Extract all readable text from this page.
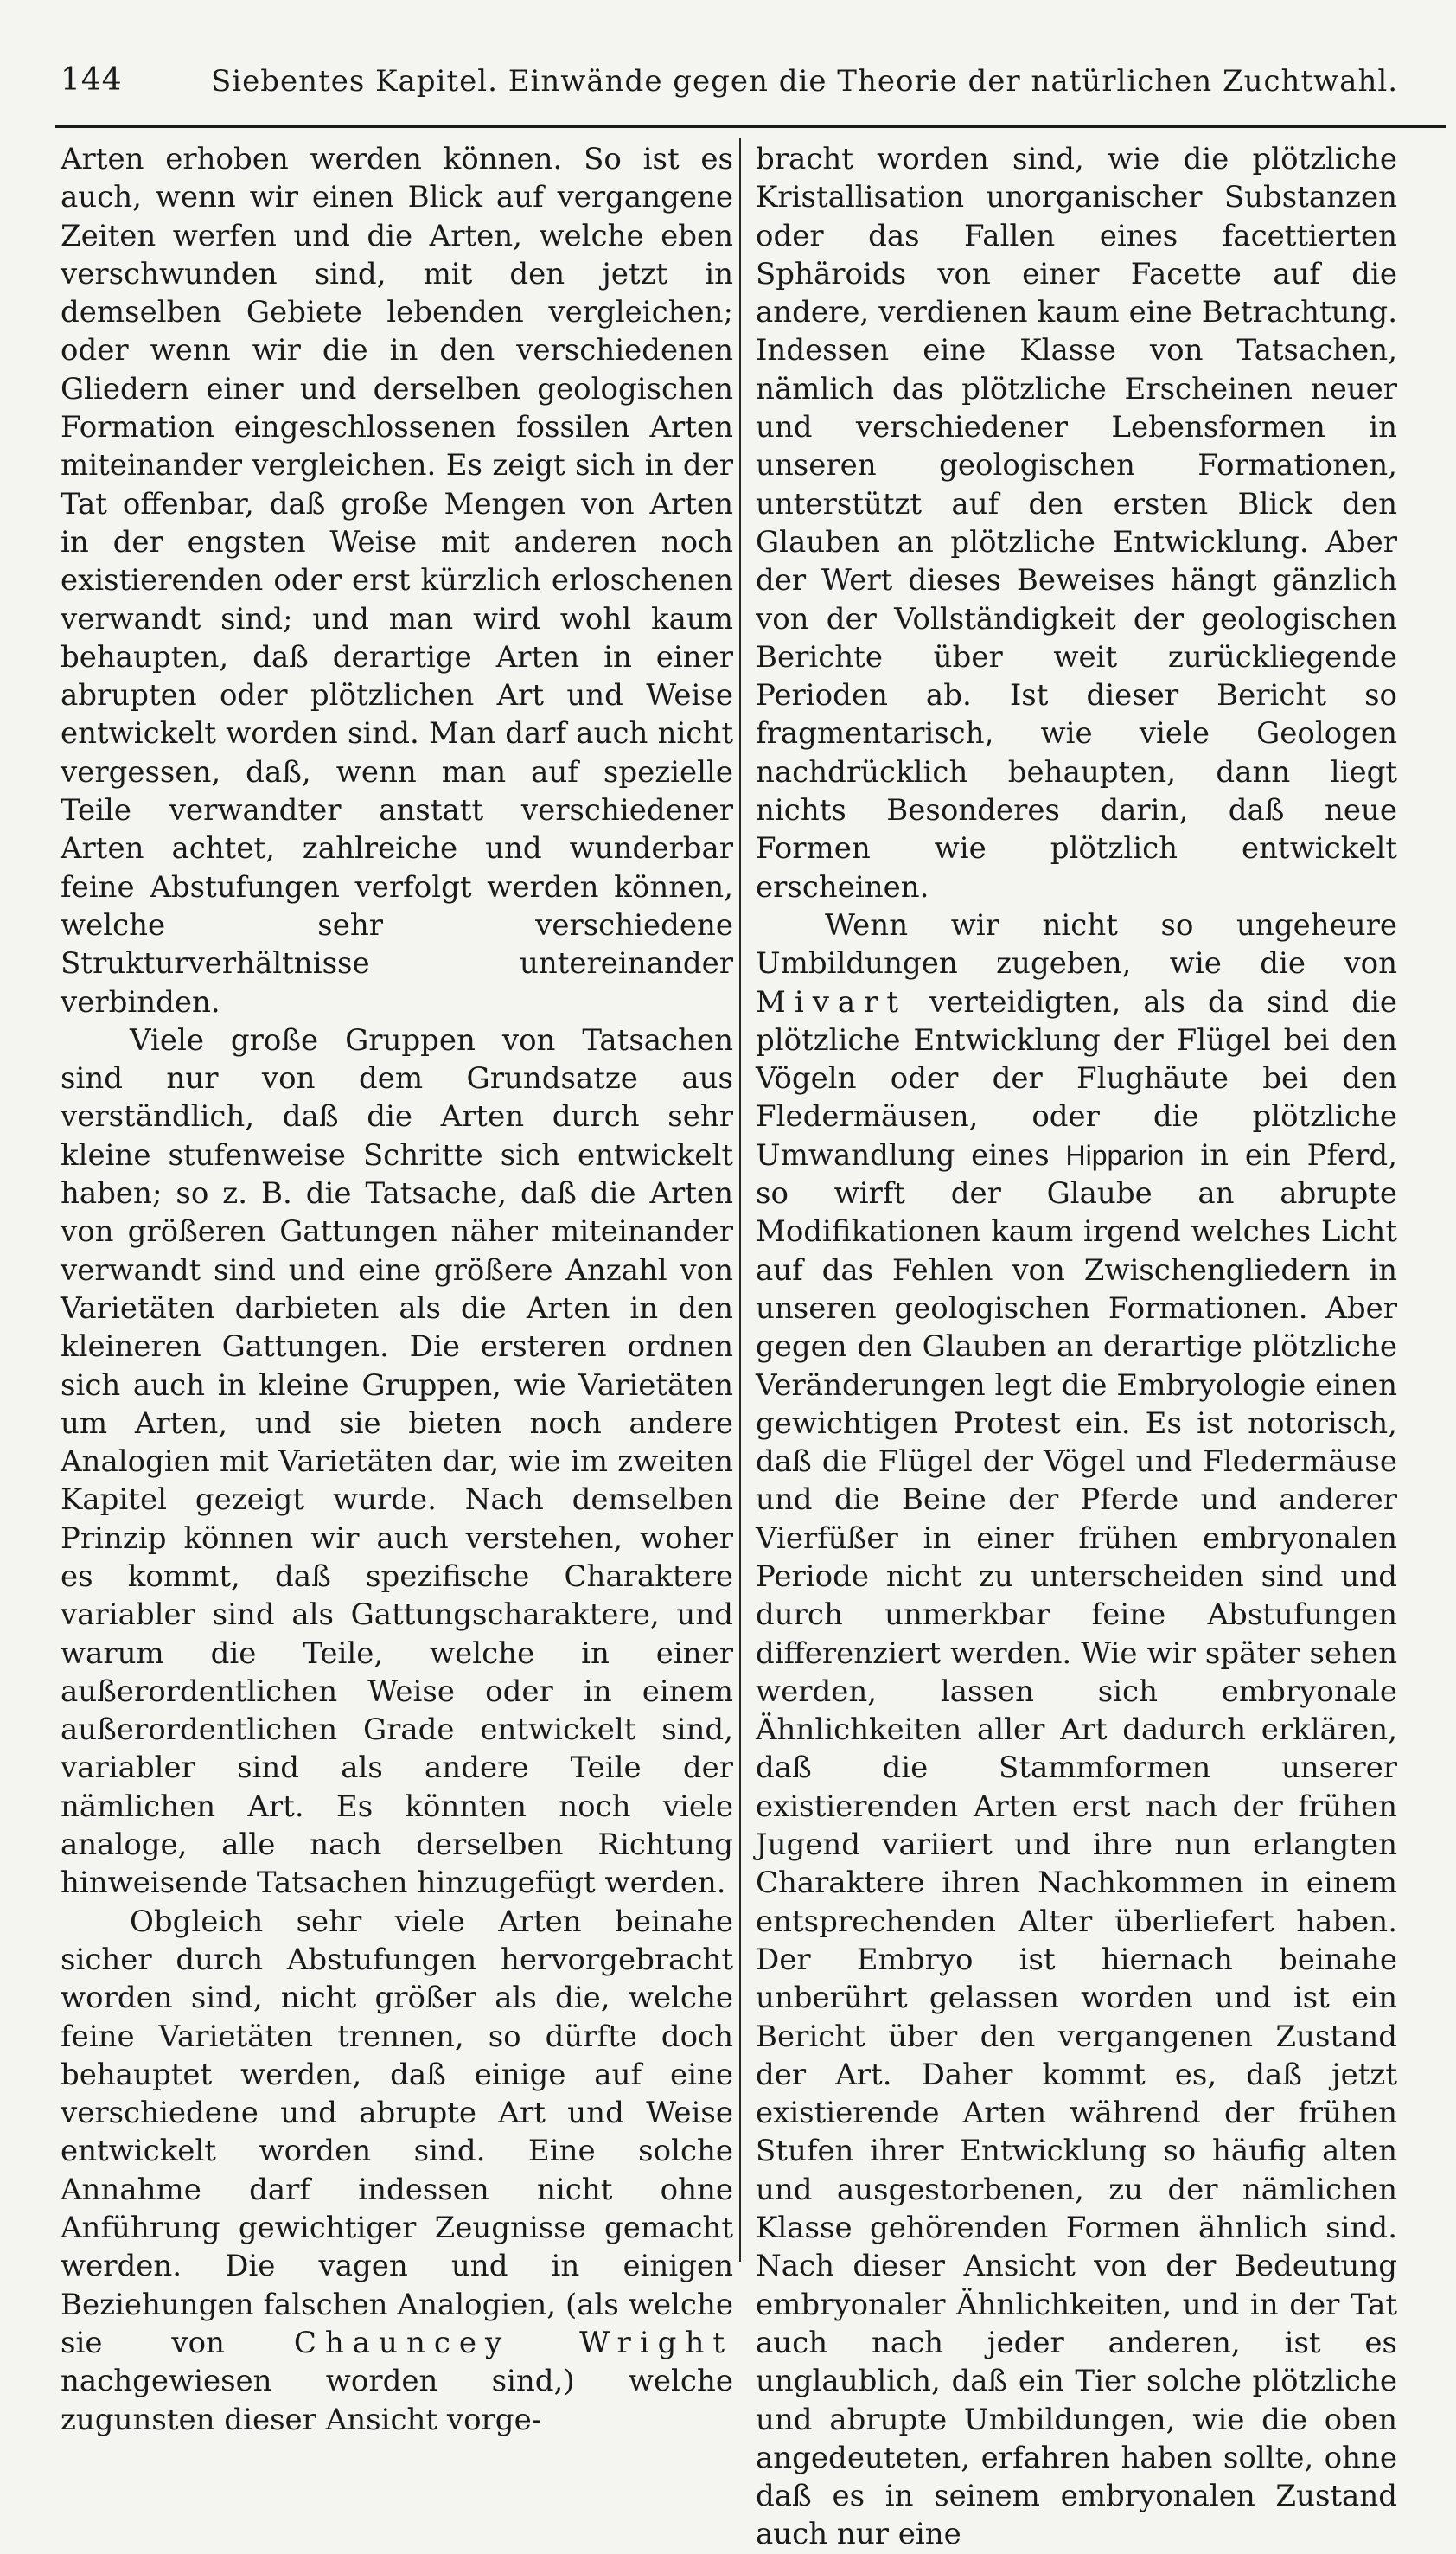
144	Siebentes Kapitel. Einwände gegen die Theorie der natürlichen Zuchtwahl.

Arten erhoben werden können. So ist es auch, wenn wir einen Blick auf vergangene Zeiten werfen und die Arten, welche eben verschwunden sind, mit den jetzt in demselben Gebiete lebenden vergleichen; oder wenn wir die in den verschiedenen Gliedern einer und derselben geologischen Formation eingeschlossenen fossilen Arten miteinander vergleichen. Es zeigt sich in der Tat offenbar, daß große Mengen von Arten in der engsten Weise mit anderen noch existierenden oder erst kürzlich erloschenen verwandt sind; und man wird wohl kaum behaupten, daß derartige Arten in einer abrupten oder plötzlichen Art und Weise entwickelt worden sind. Man darf auch nicht vergessen, daß, wenn man auf spezielle Teile verwandter anstatt verschiedener Arten achtet, zahlreiche und wunderbar feine Abstufungen verfolgt werden können, welche sehr verschiedene Strukturverhältnisse untereinander verbinden.

Viele große Gruppen von Tatsachen sind nur von dem Grundsatze aus verständlich, daß die Arten durch sehr kleine stufenweise Schritte sich entwickelt haben; so z. B. die Tatsache, daß die Arten von größeren Gattungen näher miteinander verwandt sind und eine größere Anzahl von Varietäten darbieten als die Arten in den kleineren Gattungen. Die ersteren ordnen sich auch in kleine Gruppen, wie Varietäten um Arten, und sie bieten noch andere Analogien mit Varietäten dar, wie im zweiten Kapitel gezeigt wurde. Nach demselben Prinzip können wir auch verstehen, woher es kommt, daß spezifische Charaktere variabler sind als Gattungscharaktere, und warum die Teile, welche in einer außerordentlichen Weise oder in einem außerordentlichen Grade entwickelt sind, variabler sind als andere Teile der nämlichen Art. Es könnten noch viele analoge, alle nach derselben Richtung hinweisende Tatsachen hinzugefügt werden.

Obgleich sehr viele Arten beinahe sicher durch Abstufungen hervorgebracht worden sind, nicht größer als die, welche feine Varietäten trennen, so dürfte doch behauptet werden, daß einige auf eine verschiedene und abrupte Art und Weise entwickelt worden sind. Eine solche Annahme darf indessen nicht ohne Anführung gewichtiger Zeugnisse gemacht werden. Die vagen und in einigen Beziehungen falschen Analogien, (als welche sie von Chauncey Wright nachgewiesen worden sind,) welche zugunsten dieser Ansicht vorge-

bracht worden sind, wie die plötzliche Kristallisation unorganischer Substanzen oder das Fallen eines facettierten Sphäroids von einer Facette auf die andere, verdienen kaum eine Betrachtung. Indessen eine Klasse von Tatsachen, nämlich das plötzliche Erscheinen neuer und verschiedener Lebensformen in unseren geologischen Formationen, unterstützt auf den ersten Blick den Glauben an plötzliche Entwicklung. Aber der Wert dieses Beweises hängt gänzlich von der Vollständigkeit der geologischen Berichte über weit zurückliegende Perioden ab. Ist dieser Bericht so fragmentarisch, wie viele Geologen nachdrücklich behaupten, dann liegt nichts Besonderes darin, daß neue Formen wie plötzlich entwickelt erscheinen.

Wenn wir nicht so ungeheure Umbildungen zugeben, wie die von Mivart verteidigten, als da sind die plötzliche Entwicklung der Flügel bei den Vögeln oder der Flughäute bei den Fledermäusen, oder die plötzliche Umwandlung eines Hipparion in ein Pferd, so wirft der Glaube an abrupte Modifikationen kaum irgend welches Licht auf das Fehlen von Zwischengliedern in unseren geologischen Formationen. Aber gegen den Glauben an derartige plötzliche Veränderungen legt die Embryologie einen gewichtigen Protest ein. Es ist notorisch, daß die Flügel der Vögel und Fledermäuse und die Beine der Pferde und anderer Vierfüßer in einer frühen embryonalen Periode nicht zu unterscheiden sind und durch unmerkbar feine Abstufungen differenziert werden. Wie wir später sehen werden, lassen sich embryonale Ähnlichkeiten aller Art dadurch erklären, daß die Stammformen unserer existierenden Arten erst nach der frühen Jugend variiert und ihre nun erlangten Charaktere ihren Nachkommen in einem entsprechenden Alter überliefert haben. Der Embryo ist hiernach beinahe unberührt gelassen worden und ist ein Bericht über den vergangenen Zustand der Art. Daher kommt es, daß jetzt existierende Arten während der frühen Stufen ihrer Entwicklung so häufig alten und ausgestorbenen, zu der nämlichen Klasse gehörenden Formen ähnlich sind. Nach dieser Ansicht von der Bedeutung embryonaler Ähnlichkeiten, und in der Tat auch nach jeder anderen, ist es unglaublich, daß ein Tier solche plötzliche und abrupte Umbildungen, wie die oben angedeuteten, erfahren haben sollte, ohne daß es in seinem embryonalen Zustand auch nur eine
